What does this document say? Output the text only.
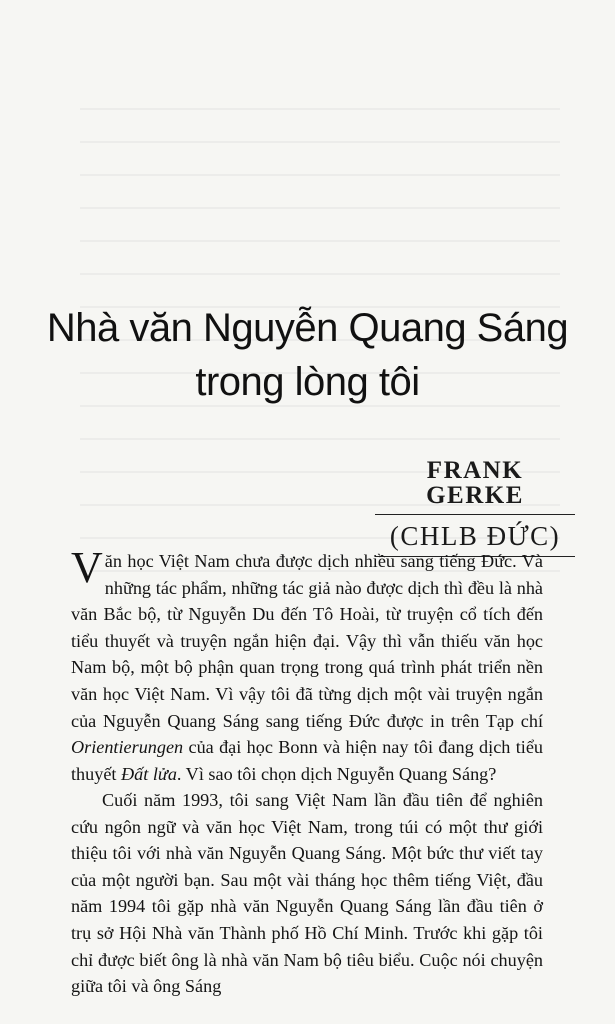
Nhà văn Nguyễn Quang Sáng
trong lòng tôi
FRANK GERKE
(CHLB ĐỨC)

Văn học Việt Nam chưa được dịch nhiều sang tiếng Đức. Và những tác phẩm, những tác giả nào được dịch thì đều là nhà văn Bắc bộ, từ Nguyễn Du đến Tô Hoài, từ truyện cổ tích đến tiểu thuyết và truyện ngắn hiện đại. Vậy thì vẫn thiếu văn học Nam bộ, một bộ phận quan trọng trong quá trình phát triển nền văn học Việt Nam. Vì vậy tôi đã từng dịch một vài truyện ngắn của Nguyễn Quang Sáng sang tiếng Đức được in trên Tạp chí Orientierungen của đại học Bonn và hiện nay tôi đang dịch tiểu thuyết Đất lửa. Vì sao tôi chọn dịch Nguyễn Quang Sáng?

Cuối năm 1993, tôi sang Việt Nam lần đầu tiên để nghiên cứu ngôn ngữ và văn học Việt Nam, trong túi có một thư giới thiệu tôi với nhà văn Nguyễn Quang Sáng. Một bức thư viết tay của một người bạn. Sau một vài tháng học thêm tiếng Việt, đầu năm 1994 tôi gặp nhà văn Nguyễn Quang Sáng lần đầu tiên ở trụ sở Hội Nhà văn Thành phố Hồ Chí Minh. Trước khi gặp tôi chỉ được biết ông là nhà văn Nam bộ tiêu biểu. Cuộc nói chuyện giữa tôi và ông Sáng
